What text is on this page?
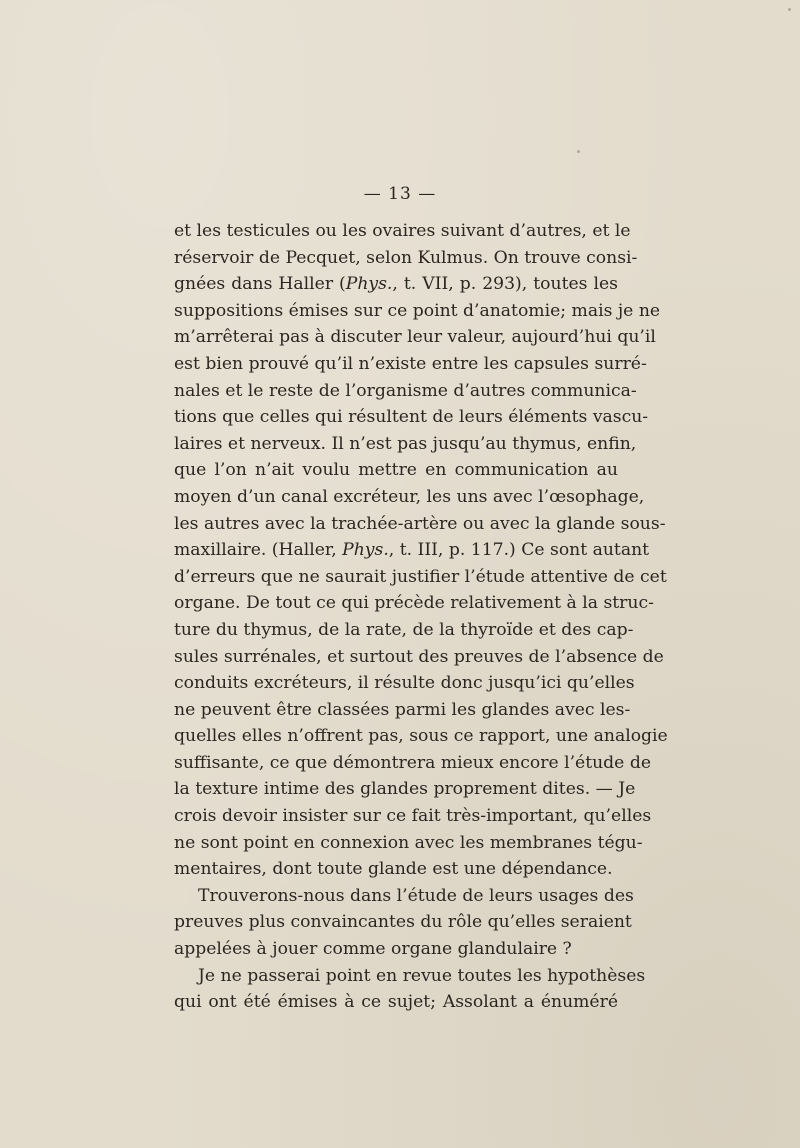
— 13 —
et les testicules ou les ovaires suivant d’autres, et le
réservoir de Pecquet, selon Kulmus. On trouve consi-
gnées dans Haller (Phys., t. VII, p. 293), toutes les
suppositions émises sur ce point d’anatomie; mais je ne
m’arrêterai pas à discuter leur valeur, aujourd’hui qu’il
est bien prouvé qu’il n’existe entre les capsules surré-
nales et le reste de l’organisme d’autres communica-
tions que celles qui résultent de leurs éléments vascu-
laires et nerveux. Il n’est pas jusqu’au thymus, enfin,
que l’on n’ait voulu mettre en communication au
moyen d’un canal excréteur, les uns avec l’œsophage,
les autres avec la trachée-artère ou avec la glande sous-
maxillaire. (Haller, Phys., t. III, p. 117.) Ce sont autant
d’erreurs que ne saurait justifier l’étude attentive de cet
organe. De tout ce qui précède relativement à la struc-
ture du thymus, de la rate, de la thyroïde et des cap-
sules surrénales, et surtout des preuves de l’absence de
conduits excréteurs, il résulte donc jusqu’ici qu’elles
ne peuvent être classées parmi les glandes avec les-
quelles elles n’offrent pas, sous ce rapport, une analogie
suffisante, ce que démontrera mieux encore l’étude de
la texture intime des glandes proprement dites. — Je
crois devoir insister sur ce fait très-important, qu’elles
ne sont point en connexion avec les membranes tégu-
mentaires, dont toute glande est une dépendance.
Trouverons-nous dans l’étude de leurs usages des
preuves plus convaincantes du rôle qu’elles seraient
appelées à jouer comme organe glandulaire ?
Je ne passerai point en revue toutes les hypothèses
qui ont été émises à ce sujet; Assolant a énuméré
